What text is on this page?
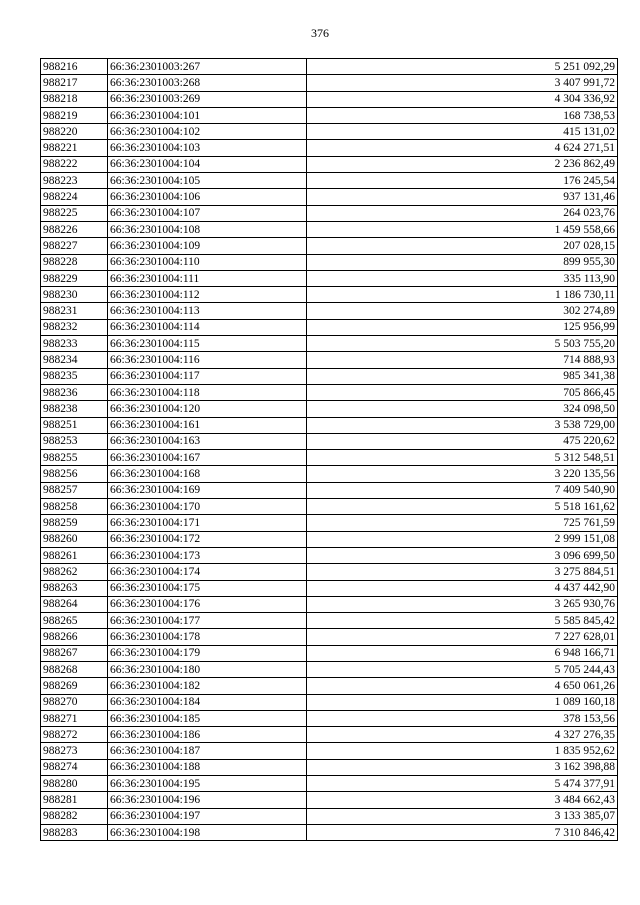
376
988216	66:36:2301003:267	5 251 092,29
988217	66:36:2301003:268	3 407 991,72
988218	66:36:2301003:269	4 304 336,92
988219	66:36:2301004:101	168 738,53
988220	66:36:2301004:102	415 131,02
988221	66:36:2301004:103	4 624 271,51
988222	66:36:2301004:104	2 236 862,49
988223	66:36:2301004:105	176 245,54
988224	66:36:2301004:106	937 131,46
988225	66:36:2301004:107	264 023,76
988226	66:36:2301004:108	1 459 558,66
988227	66:36:2301004:109	207 028,15
988228	66:36:2301004:110	899 955,30
988229	66:36:2301004:111	335 113,90
988230	66:36:2301004:112	1 186 730,11
988231	66:36:2301004:113	302 274,89
988232	66:36:2301004:114	125 956,99
988233	66:36:2301004:115	5 503 755,20
988234	66:36:2301004:116	714 888,93
988235	66:36:2301004:117	985 341,38
988236	66:36:2301004:118	705 866,45
988238	66:36:2301004:120	324 098,50
988251	66:36:2301004:161	3 538 729,00
988253	66:36:2301004:163	475 220,62
988255	66:36:2301004:167	5 312 548,51
988256	66:36:2301004:168	3 220 135,56
988257	66:36:2301004:169	7 409 540,90
988258	66:36:2301004:170	5 518 161,62
988259	66:36:2301004:171	725 761,59
988260	66:36:2301004:172	2 999 151,08
988261	66:36:2301004:173	3 096 699,50
988262	66:36:2301004:174	3 275 884,51
988263	66:36:2301004:175	4 437 442,90
988264	66:36:2301004:176	3 265 930,76
988265	66:36:2301004:177	5 585 845,42
988266	66:36:2301004:178	7 227 628,01
988267	66:36:2301004:179	6 948 166,71
988268	66:36:2301004:180	5 705 244,43
988269	66:36:2301004:182	4 650 061,26
988270	66:36:2301004:184	1 089 160,18
988271	66:36:2301004:185	378 153,56
988272	66:36:2301004:186	4 327 276,35
988273	66:36:2301004:187	1 835 952,62
988274	66:36:2301004:188	3 162 398,88
988280	66:36:2301004:195	5 474 377,91
988281	66:36:2301004:196	3 484 662,43
988282	66:36:2301004:197	3 133 385,07
988283	66:36:2301004:198	7 310 846,42
